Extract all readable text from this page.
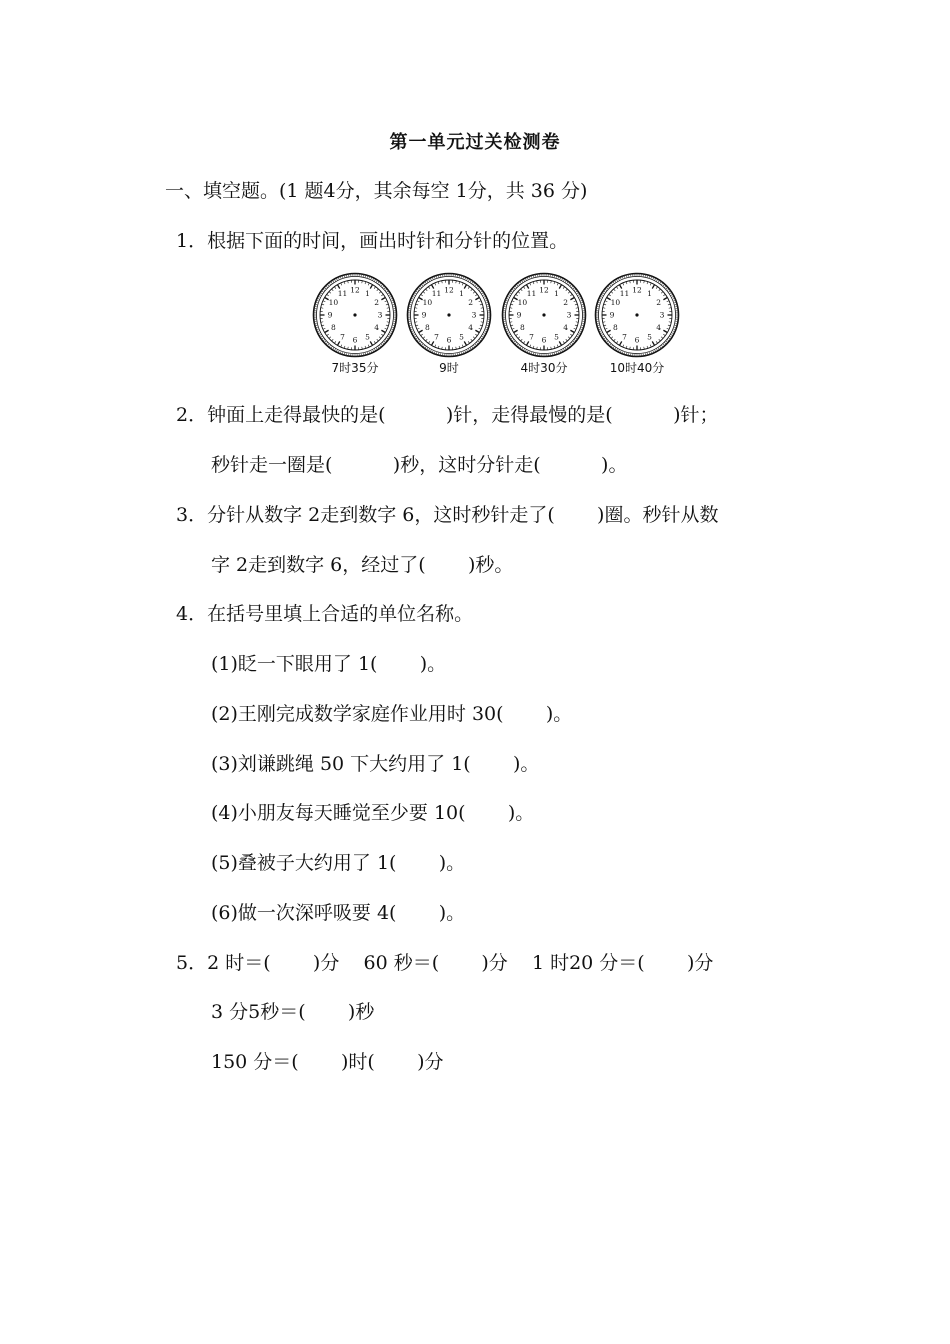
第一单元过关检测卷
一、填空题。(1 题4分，其余每空 1分，共 36 分)
1．根据下面的时间，画出时针和分针的位置。
1
2
3
4
5
6
7
8
9
10
11 12
7时35分
1
2
3
4
5
6
7
8
9
10
11 12
9时
1
2
3
4
5
6
7
8
9
10
11 12
4时30分
1
2
3
4
5
6
7
8
9
10
11 12
10时40分
2．钟面上走得最快的是(          )针，走得最慢的是(          )针；
秒针走一圈是(          )秒，这时分针走(          )。
3．分针从数字 2走到数字 6，这时秒针走了(       )圈。秒针从数
字 2走到数字 6，经过了(       )秒。
4．在括号里填上合适的单位名称。
(1)眨一下眼用了 1(       )。
(2)王刚完成数学家庭作业用时 30(       )。
(3)刘谦跳绳 50 下大约用了 1(       )。
(4)小朋友每天睡觉至少要 10(       )。
(5)叠被子大约用了 1(       )。
(6)做一次深呼吸要 4(       )。
5．2 时＝(       )分    60 秒＝(       )分    1 时20 分＝(       )分
3 分5秒＝(       )秒
150 分＝(       )时(       )分
